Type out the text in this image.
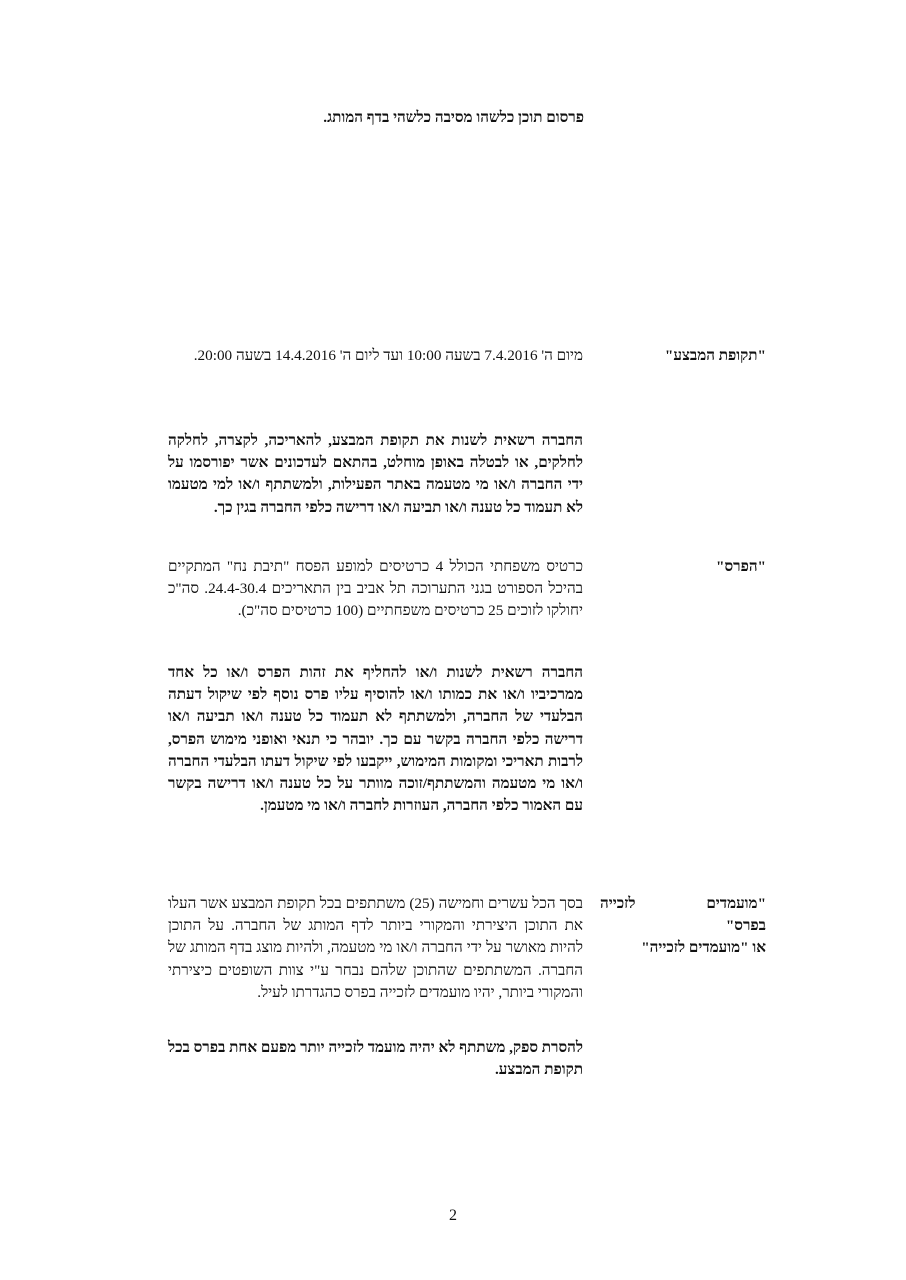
פרסום תוכן כלשהו מסיבה כלשהי בדף המותג.

"תקופת המבצע"

מיום ה' 7.4.2016 בשעה 10:00 ועד ליום ה' 14.4.2016 בשעה 20:00.

החברה רשאית לשנות את תקופת המבצע, להאריכה, לקצרה, לחלקה לחלקים, או לבטלה באופן מוחלט, בהתאם לעדכונים אשר יפורסמו על ידי החברה ו/או מי מטעמה באתר הפעילות, ולמשתתף ו/או למי מטעמו לא תעמוד כל טענה ו/או תביעה ו/או דרישה כלפי החברה בגין כך.

"הפרס"

כרטיס משפחתי הכולל 4 כרטיסים למופע הפסח "תיבת נח" המתקיים בהיכל הספורט בגני התערוכה תל אביב בין התאריכים 24.4-30.4. סה"כ יחולקו לזוכים 25 כרטיסים משפחתיים (100 כרטיסים סה"כ).

החברה רשאית לשנות ו/או להחליף את זהות הפרס ו/או כל אחד ממרכיביו ו/או את כמותו ו/או להוסיף עליו פרס נוסף לפי שיקול דעתה הבלעדי של החברה, ולמשתתף לא תעמוד כל טענה ו/או תביעה ו/או דרישה כלפי החברה בקשר עם כך. יובהר כי תנאי ואופני מימוש הפרס, לרבות תאריכי ומקומות המימוש, ייקבעו לפי שיקול דעתו הבלעדי החברה ו/או מי מטעמה והמשתתף/זוכה מוותר על כל טענה ו/או דרישה בקשר עם האמור כלפי החברה, העוזרות לחברה ו/או מי מטעמן.

"מועמדים
לזכייה
בפרס"
או "מועמדים לזכייה"

בסך הכל עשרים וחמישה (25) משתתפים בכל תקופת המבצע אשר העלו את התוכן היצירתי והמקורי ביותר לדף המותג של החברה. על התוכן להיות מאושר על ידי החברה ו/או מי מטעמה, ולהיות מוצג בדף המותג של החברה. המשתתפים שהתוכן שלהם נבחר ע"י צוות השופטים כיצירתי והמקורי ביותר, יהיו מועמדים לזכייה בפרס כהגדרתו לעיל.

להסרת ספק, משתתף לא יהיה מועמד לזכייה יותר מפעם אחת בפרס בכל תקופת המבצע.

2
